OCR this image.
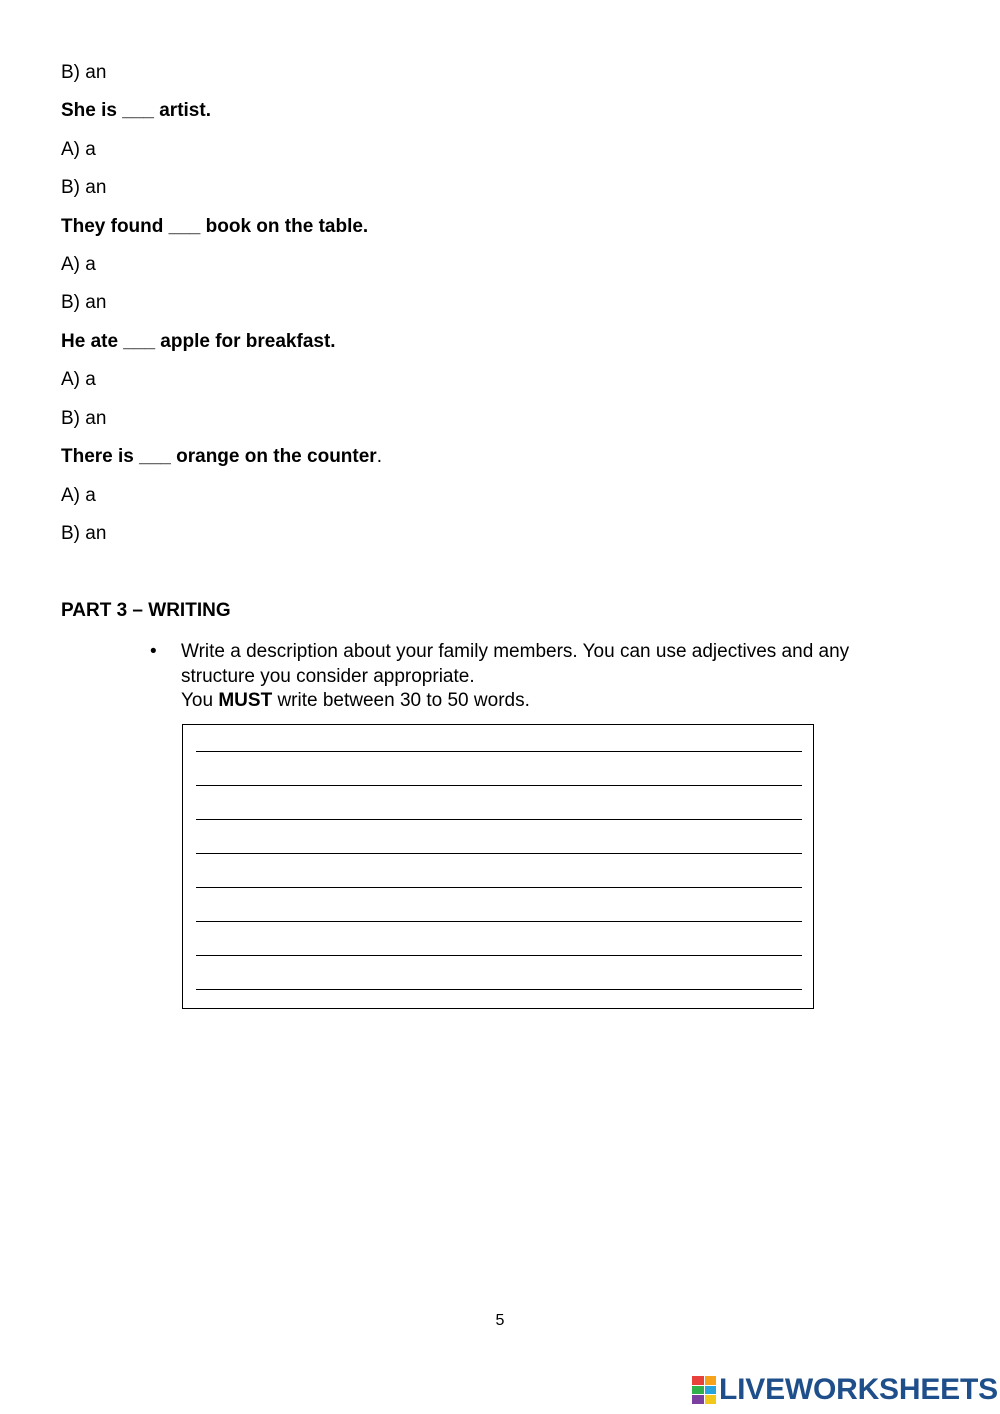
B) an
She is ___ artist.
A) a
B) an
They found ___ book on the table.
A) a
B) an
He ate ___ apple for breakfast.
A) a
B) an
There is ___ orange on the counter.
A) a
B) an
PART 3 – WRITING
• Write a description about your family members. You can use adjectives and any
structure you consider appropriate.
You MUST write between 30 to 50 words.
5
LIVEWORKSHEETS
